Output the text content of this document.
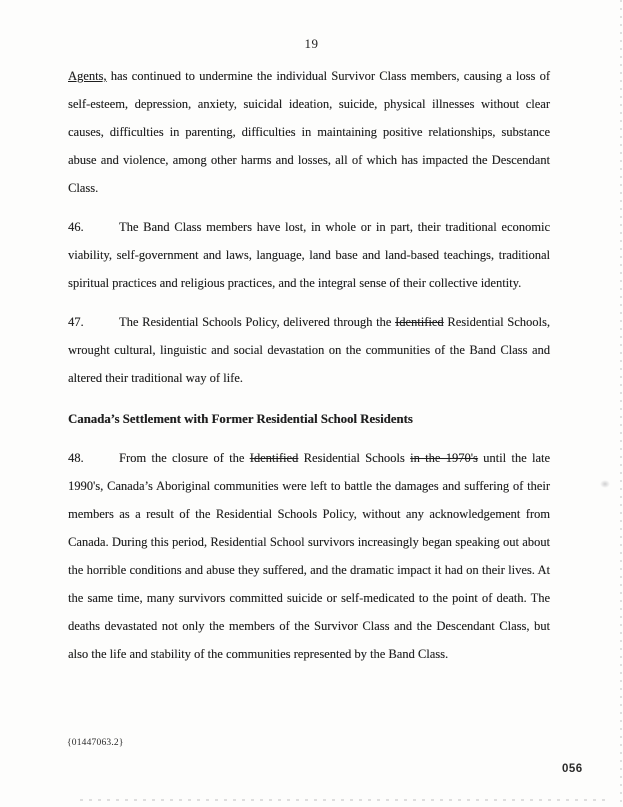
19

Agents, has continued to undermine the individual Survivor Class members, causing a loss of self-esteem, depression, anxiety, suicidal ideation, suicide, physical illnesses without clear causes, difficulties in parenting, difficulties in maintaining positive relationships, substance abuse and violence, among other harms and losses, all of which has impacted the Descendant Class.

46.	The Band Class members have lost, in whole or in part, their traditional economic viability, self-government and laws, language, land base and land-based teachings, traditional spiritual practices and religious practices, and the integral sense of their collective identity.

47.	The Residential Schools Policy, delivered through the Identified Residential Schools, wrought cultural, linguistic and social devastation on the communities of the Band Class and altered their traditional way of life.

Canada’s Settlement with Former Residential School Residents

48.	From the closure of the Identified Residential Schools in the 1970's until the late 1990's, Canada’s Aboriginal communities were left to battle the damages and suffering of their members as a result of the Residential Schools Policy, without any acknowledgement from Canada. During this period, Residential School survivors increasingly began speaking out about the horrible conditions and abuse they suffered, and the dramatic impact it had on their lives. At the same time, many survivors committed suicide or self-medicated to the point of death. The deaths devastated not only the members of the Survivor Class and the Descendant Class, but also the life and stability of the communities represented by the Band Class.

{01447063.2}
056
